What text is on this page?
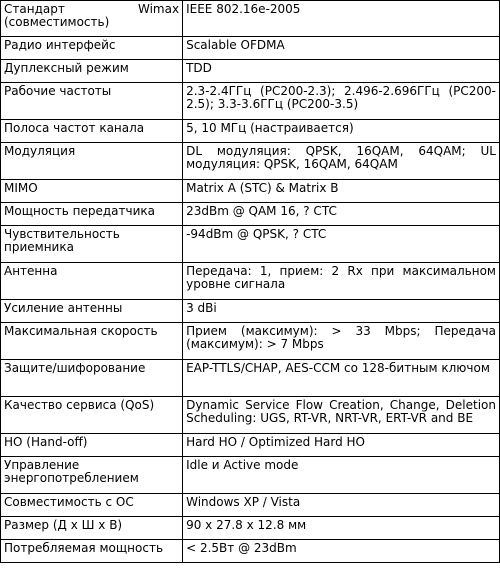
Стандарт Wimax (совместимость)	IEEE 802.16e-2005
Радио интерфейс	Scalable OFDMA
Дуплексный режим	TDD
Рабочие частоты	2.3-2.4ГГц (PC200-2.3); 2.496-2.696ГГц (PC200-2.5); 3.3-3.6ГГц (PC200-3.5)
Полоса частот канала	5, 10 МГц (настраивается)
Модуляция	DL модуляция: QPSK, 16QAM, 64QAM; UL модуляция: QPSK, 16QAM, 64QAM
MIMO	Matrix A (STC) & Matrix B
Мощность передатчика	23dBm @ QAM 16, ? CTC
Чувствительность приемника	-94dBm @ QPSK, ? CTC
Антенна	Передача: 1, прием: 2 Rx при максимальном уровне сигнала
Усиление антенны	3 dBi
Максимальная скорость	Прием (максимум): > 33 Mbps; Передача (максимум): > 7 Mbps
Защите/шифорование	EAP-TTLS/CHAP, AES-CCM со 128-битным ключом
Качество сервиса (QoS)	Dynamic Service Flow Creation, Change, Deletion Scheduling: UGS, RT-VR, NRT-VR, ERT-VR and BE
HO (Hand-off)	Hard HO / Optimized Hard HO
Управление энергопотреблением	Idle и Active mode
Совместимость с ОС	Windows XP / Vista
Размер (Д х Ш х В)	90 x 27.8 x 12.8 мм
Потребляемая мощность	< 2.5Вт @ 23dBm
